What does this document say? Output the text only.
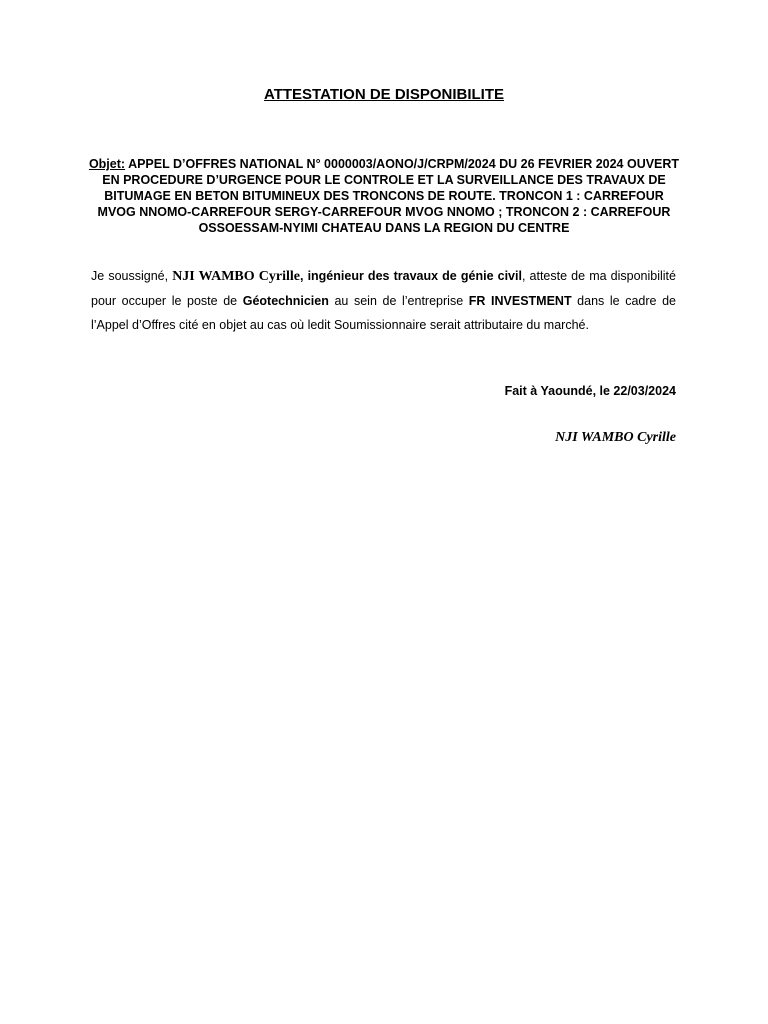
ATTESTATION DE DISPONIBILITE
Objet: APPEL D’OFFRES NATIONAL N° 0000003/AONO/J/CRPM/2024 DU 26 FEVRIER 2024 OUVERT EN PROCEDURE D’URGENCE POUR LE CONTROLE ET LA SURVEILLANCE DES TRAVAUX DE BITUMAGE EN BETON BITUMINEUX DES TRONCONS DE ROUTE. TRONCON 1 : CARREFOUR MVOG NNOMO-CARREFOUR SERGY-CARREFOUR MVOG NNOMO ; TRONCON 2 : CARREFOUR OSSOESSAM-NYIMI CHATEAU DANS LA REGION DU CENTRE
Je soussigné, NJI WAMBO Cyrille, ingénieur des travaux de génie civil, atteste de ma disponibilité pour occuper le poste de Géotechnicien au sein de l’entreprise FR INVESTMENT dans le cadre de l’Appel d’Offres cité en objet au cas où ledit Soumissionnaire serait attributaire du marché.
Fait à Yaoundé, le 22/03/2024
NJI WAMBO Cyrille
